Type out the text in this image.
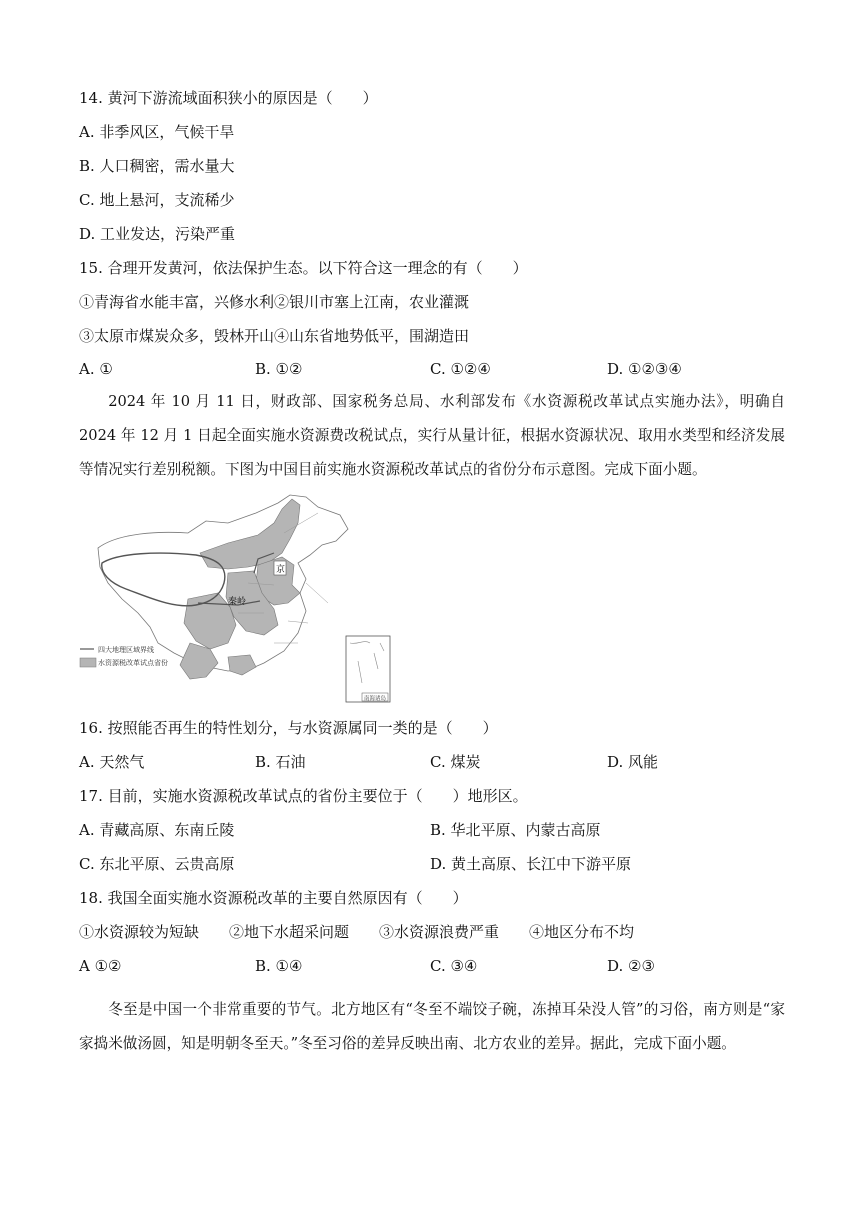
14. 黄河下游流域面积狭小的原因是（　　）
A. 非季风区，气候干旱
B. 人口稠密，需水量大
C. 地上悬河，支流稀少
D. 工业发达，污染严重
15. 合理开发黄河，依法保护生态。以下符合这一理念的有（　　）
①青海省水能丰富，兴修水利②银川市塞上江南，农业灌溉
③太原市煤炭众多，毁林开山④山东省地势低平，围湖造田
A. ①	B. ①②	C. ①②④	D. ①②③④

2024 年 10 月 11 日，财政部、国家税务总局、水利部发布《水资源税改革试点实施办法》，明确自 2024 年 12 月 1 日起全面实施水资源费改税试点，实行从量计征，根据水资源状况、取用水类型和经济发展等情况实行差别税额。下图为中国目前实施水资源税改革试点的省份分布示意图。完成下面小题。

京
秦岭
四大地理区域界线
水资源税改革试点省份
南海诸岛
16. 按照能否再生的特性划分，与水资源属同一类的是（　　）
A. 天然气	B. 石油	C. 煤炭	D. 风能
17. 目前，实施水资源税改革试点的省份主要位于（　　）地形区。
A. 青藏高原、东南丘陵	B. 华北平原、内蒙古高原
C. 东北平原、云贵高原	D. 黄土高原、长江中下游平原
18. 我国全面实施水资源税改革的主要自然原因有（　　）
①水资源较为短缺　　②地下水超采问题　　③水资源浪费严重　　④地区分布不均
A ①②	B. ①④	C. ③④	D. ②③

冬至是中国一个非常重要的节气。北方地区有“冬至不端饺子碗，冻掉耳朵没人管”的习俗，南方则是“家家捣米做汤圆，知是明朝冬至天。”冬至习俗的差异反映出南、北方农业的差异。据此，完成下面小题。
